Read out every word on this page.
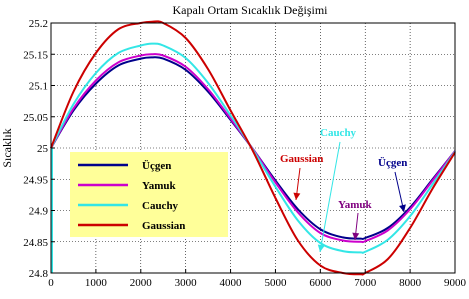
Kapalı Ortam Sıcaklık Değişimi
Sıcaklık
0	1000 2000 3000 4000 5000 6000 7000 8000 9000
24.8
24.85
24.9
24.95
25
25.05
25.1
25.15
25.2
Üçgen
Yamuk
Cauchy
Gaussian
Gaussian	Üçgen
Yamuk
Cauchy
